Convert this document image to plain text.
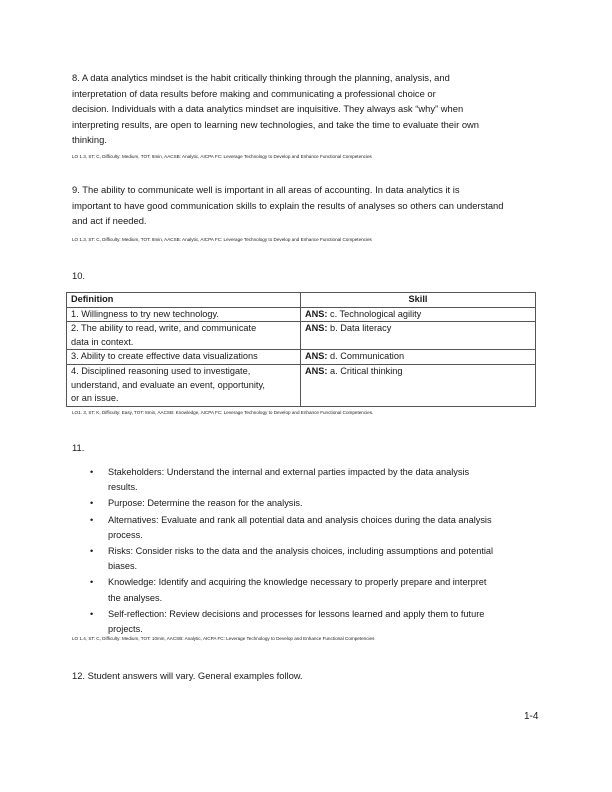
8. A data analytics mindset is the habit critically thinking through the planning, analysis, and
interpretation of data results before making and communicating a professional choice or
decision. Individuals with a data analytics mindset are inquisitive. They always ask “why” when
interpreting results, are open to learning new technologies, and take the time to evaluate their own
thinking.

LO 1.3, ST: C, Difficulty: Medium, TOT: 8min, AACSB: Analytic, AICPA FC: Leverage Technology to Develop and Enhance Functional Competencies

9. The ability to communicate well is important in all areas of accounting. In data analytics it is
important to have good communication skills to explain the results of analyses so others can understand
and act if needed.

LO 1.3, ST: C, Difficulty: Medium, TOT: 8min, AACSB: Analytic, AICPA FC: Leverage Technology to Develop and Enhance Functional Competencies
10.
Definition	Skill
1. Willingness to try new technology.	ANS: c. Technological agility
2. The ability to read, write, and communicate
data in context.	ANS: b. Data literacy
3. Ability to create effective data visualizations	ANS: d. Communication
4. Disciplined reasoning used to investigate,
understand, and evaluate an event, opportunity,
or an issue.	ANS: a. Critical thinking
LO1. 3, ST: K, Difficulty: Easy, TOT: 8min, AACSB: Knowledge, AICPA FC: Leverage Technology to Develop and Enhance Functional Competencies.
11.
• Stakeholders: Understand the internal and external parties impacted by the data analysis
results.
• Purpose: Determine the reason for the analysis.
• Alternatives: Evaluate and rank all potential data and analysis choices during the data analysis
process.
• Risks: Consider risks to the data and the analysis choices, including assumptions and potential
biases.
• Knowledge: Identify and acquiring the knowledge necessary to properly prepare and interpret
the analyses.
• Self-reflection: Review decisions and processes for lessons learned and apply them to future
projects.
LO 1.4, ST: C, Difficulty: Medium, TOT: 10min, AACSB: Analytic, AICPA FC: Leverage Technology to Develop and Enhance Functional Competencies
12. Student answers will vary. General examples follow.
1-4
